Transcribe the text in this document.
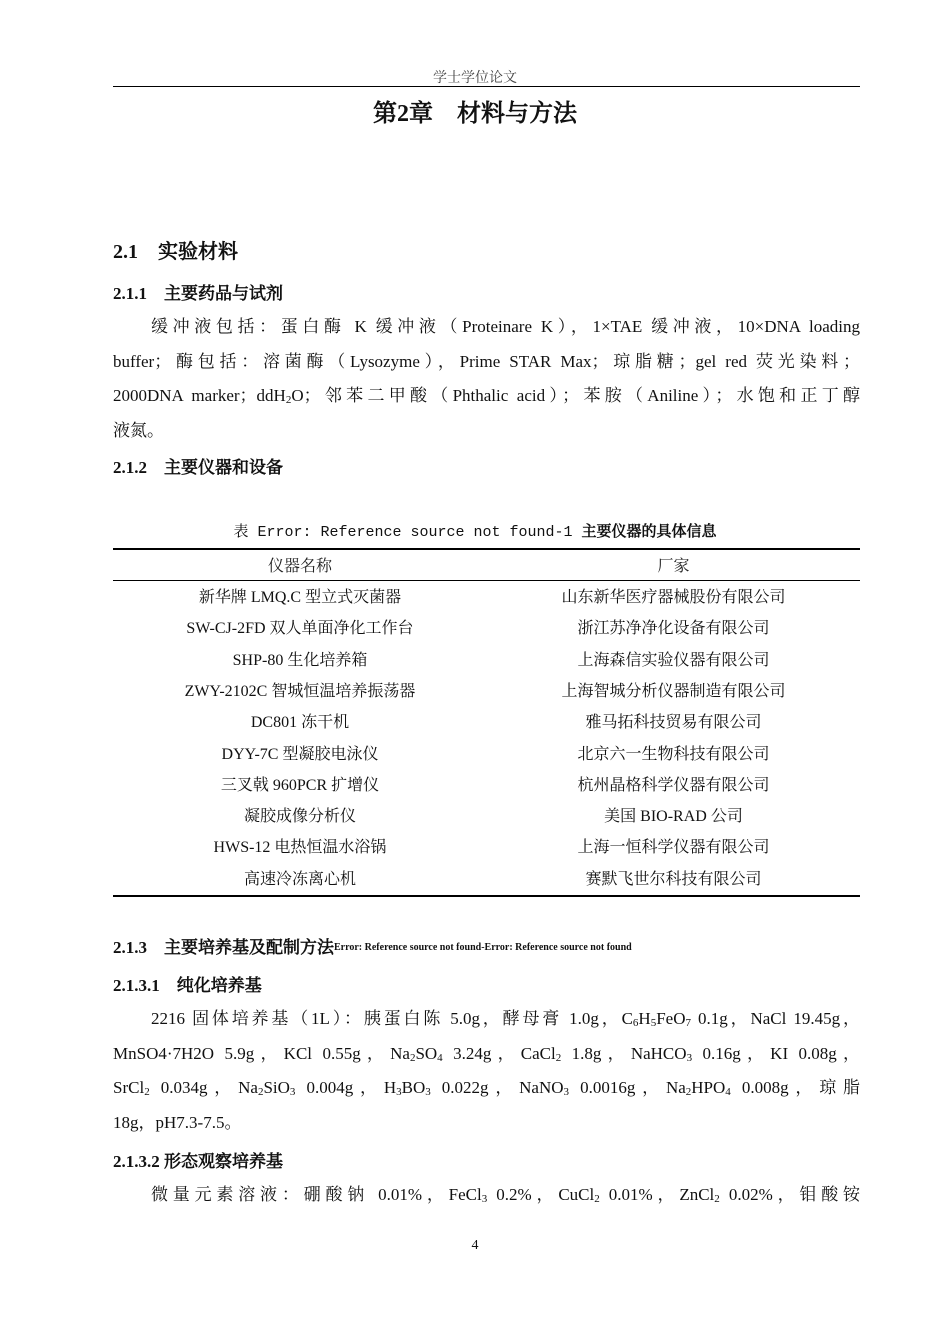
学士学位论文
第2章　材料与方法
2.1　实验材料
2.1.1　主要药品与试剂
缓冲液包括：蛋白酶 K 缓冲液（Proteinare K），1×TAE 缓冲液，10×DNA loading
buffer；酶包括：溶菌酶（Lysozyme），Prime STAR Max；琼脂糖；gel red 荧光染料；
2000DNA marker；ddH$_2$O；邻苯二甲酸（Phthalic acid）；苯胺（Aniline）；水饱和正丁醇
液氮。
2.1.2　主要仪器和设备
表 Error: Reference source not found-1 主要仪器的具体信息
仪器名称	厂家
新华牌 LMQ.C 型立式灭菌器	山东新华医疗器械股份有限公司
SW-CJ-2FD 双人单面净化工作台	浙江苏净净化设备有限公司
SHP-80 生化培养箱	上海森信实验仪器有限公司
ZWY-2102C 智城恒温培养振荡器	上海智城分析仪器制造有限公司
DC801 冻干机	雅马拓科技贸易有限公司
DYY-7C 型凝胶电泳仪	北京六一生物科技有限公司
三叉戟 960PCR 扩增仪	杭州晶格科学仪器有限公司
凝胶成像分析仪	美国 BIO-RAD 公司
HWS-12 电热恒温水浴锅	上海一恒科学仪器有限公司
高速冷冻离心机	赛默飞世尔科技有限公司
2.1.3　主要培养基及配制方法Error: Reference source not found-Error: Reference source not found
2.1.3.1　纯化培养基
2216 固体培养基（1L）：胰蛋白陈 5.0g，酵母膏 1.0g，$C_6H_5FeO_7$ 0.1g，NaCl 19.45g，
MnSO4·7H2O 5.9g，KCl 0.55g，$Na_2SO_4$ 3.24g，CaCl$_2$ 1.8g，NaHCO$_3$ 0.16g，KI 0.08g，
SrCl$_2$ 0.034g，$Na_2SiO_3$ 0.004g，$H_3BO_3$ 0.022g，NaNO$_3$ 0.0016g，$Na_2HPO_4$ 0.008g，琼脂
18g，pH7.3-7.5。
2.1.3.2 形态观察培养基
微量元素溶液：硼酸钠 0.01%，FeCl$_3$ 0.2%，CuCl$_2$ 0.01%，ZnCl$_2$ 0.02%，钼酸铵
4
